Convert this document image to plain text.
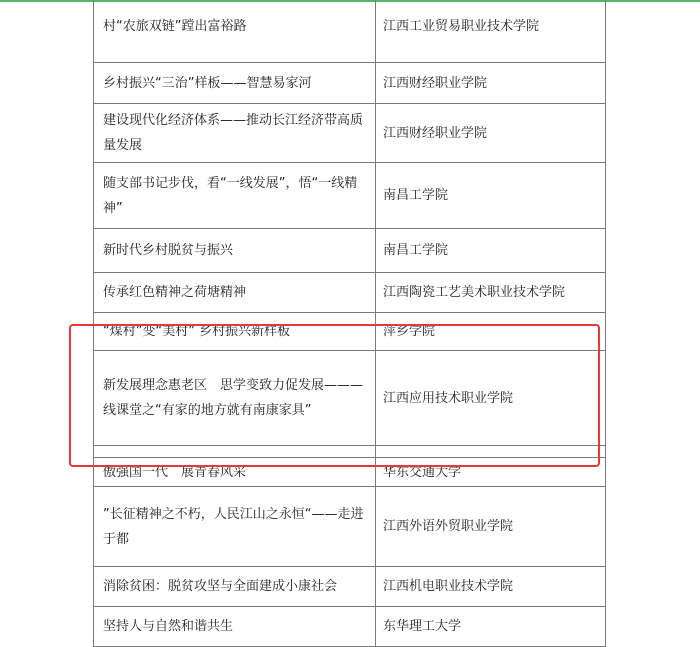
村“农旅双链”蹚出富裕路	江西工业贸易职业技术学院
乡村振兴“三治”样板——智慧易家河	江西财经职业学院
建设现代化经济体系——推动长江经济带高质量发展	江西财经职业学院
随支部书记步伐，看“一线发展”，悟“一线精神”	南昌工学院
新时代乡村脱贫与振兴	南昌工学院
传承红色精神之荷塘精神	江西陶瓷工艺美术职业技术学院
“煤村”变“美村” 乡村振兴新样板	萍乡学院
新发展理念惠老区　思学变致力促发展———线课堂之“有家的地方就有南康家具”	江西应用技术职业学院

傲强国一代　展青春风采	华东交通大学
”长征精神之不朽，人民江山之永恒“——走进于都	江西外语外贸职业学院
消除贫困：脱贫攻坚与全面建成小康社会	江西机电职业技术学院
坚持人与自然和谐共生	东华理工大学
